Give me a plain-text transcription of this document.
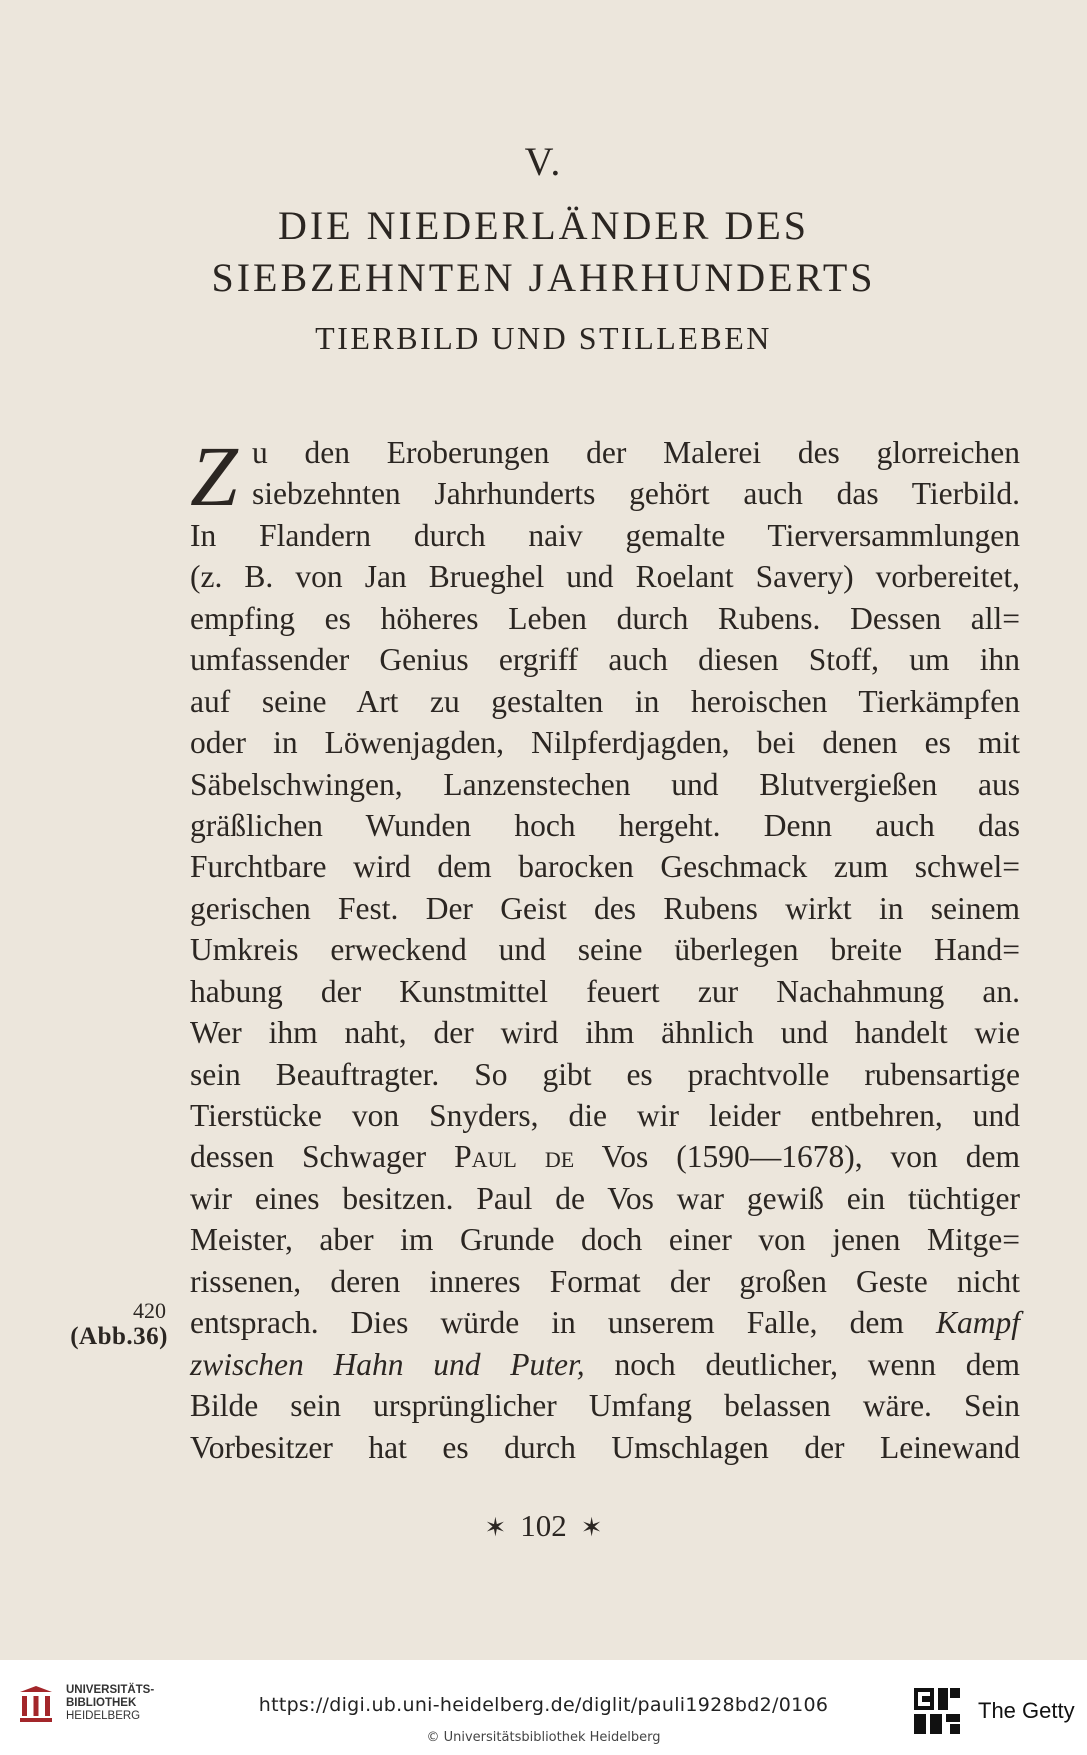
V.
DIE NIEDERLÄNDER DES
SIEBZEHNTEN JAHRHUNDERTS
TIERBILD UND STILLEBEN
Z u den Eroberungen der Malerei des glorreichen
siebzehnten Jahrhunderts gehört auch das Tierbild.
In Flandern durch naiv gemalte Tierversammlungen
(z. B. von Jan Brueghel und Roelant Savery) vorbereitet,
empfing es höheres Leben durch Rubens. Dessen all=
umfassender Genius ergriff auch diesen Stoff, um ihn
auf seine Art zu gestalten in heroischen Tierkämpfen
oder in Löwenjagden, Nilpferdjagden, bei denen es mit
Säbelschwingen, Lanzenstechen und Blutvergießen aus
gräßlichen Wunden hoch hergeht. Denn auch das
Furchtbare wird dem barocken Geschmack zum schwel=
gerischen Fest. Der Geist des Rubens wirkt in seinem
Umkreis erweckend und seine überlegen breite Hand=
habung der Kunstmittel feuert zur Nachahmung an.
Wer ihm naht, der wird ihm ähnlich und handelt wie
sein Beauftragter. So gibt es prachtvolle rubensartige
Tierstücke von Snyders, die wir leider entbehren, und
dessen Schwager Paul de Vos (1590—1678), von dem
wir eines besitzen. Paul de Vos war gewiß ein tüchtiger
Meister, aber im Grunde doch einer von jenen Mitge=
rissenen, deren inneres Format der großen Geste nicht
entsprach. Dies würde in unserem Falle, dem Kampf
zwischen Hahn und Puter, noch deutlicher, wenn dem
Bilde sein ursprünglicher Umfang belassen wäre. Sein
Vorbesitzer hat es durch Umschlagen der Leinewand
420
(Abb.36)
✶ 102 ✶
UNIVERSITÄTS-
BIBLIOTHEK
HEIDELBERG	https://digi.ub.uni-heidelberg.de/diglit/pauli1928bd2/0106
© Universitätsbibliothek Heidelberg
The Getty
